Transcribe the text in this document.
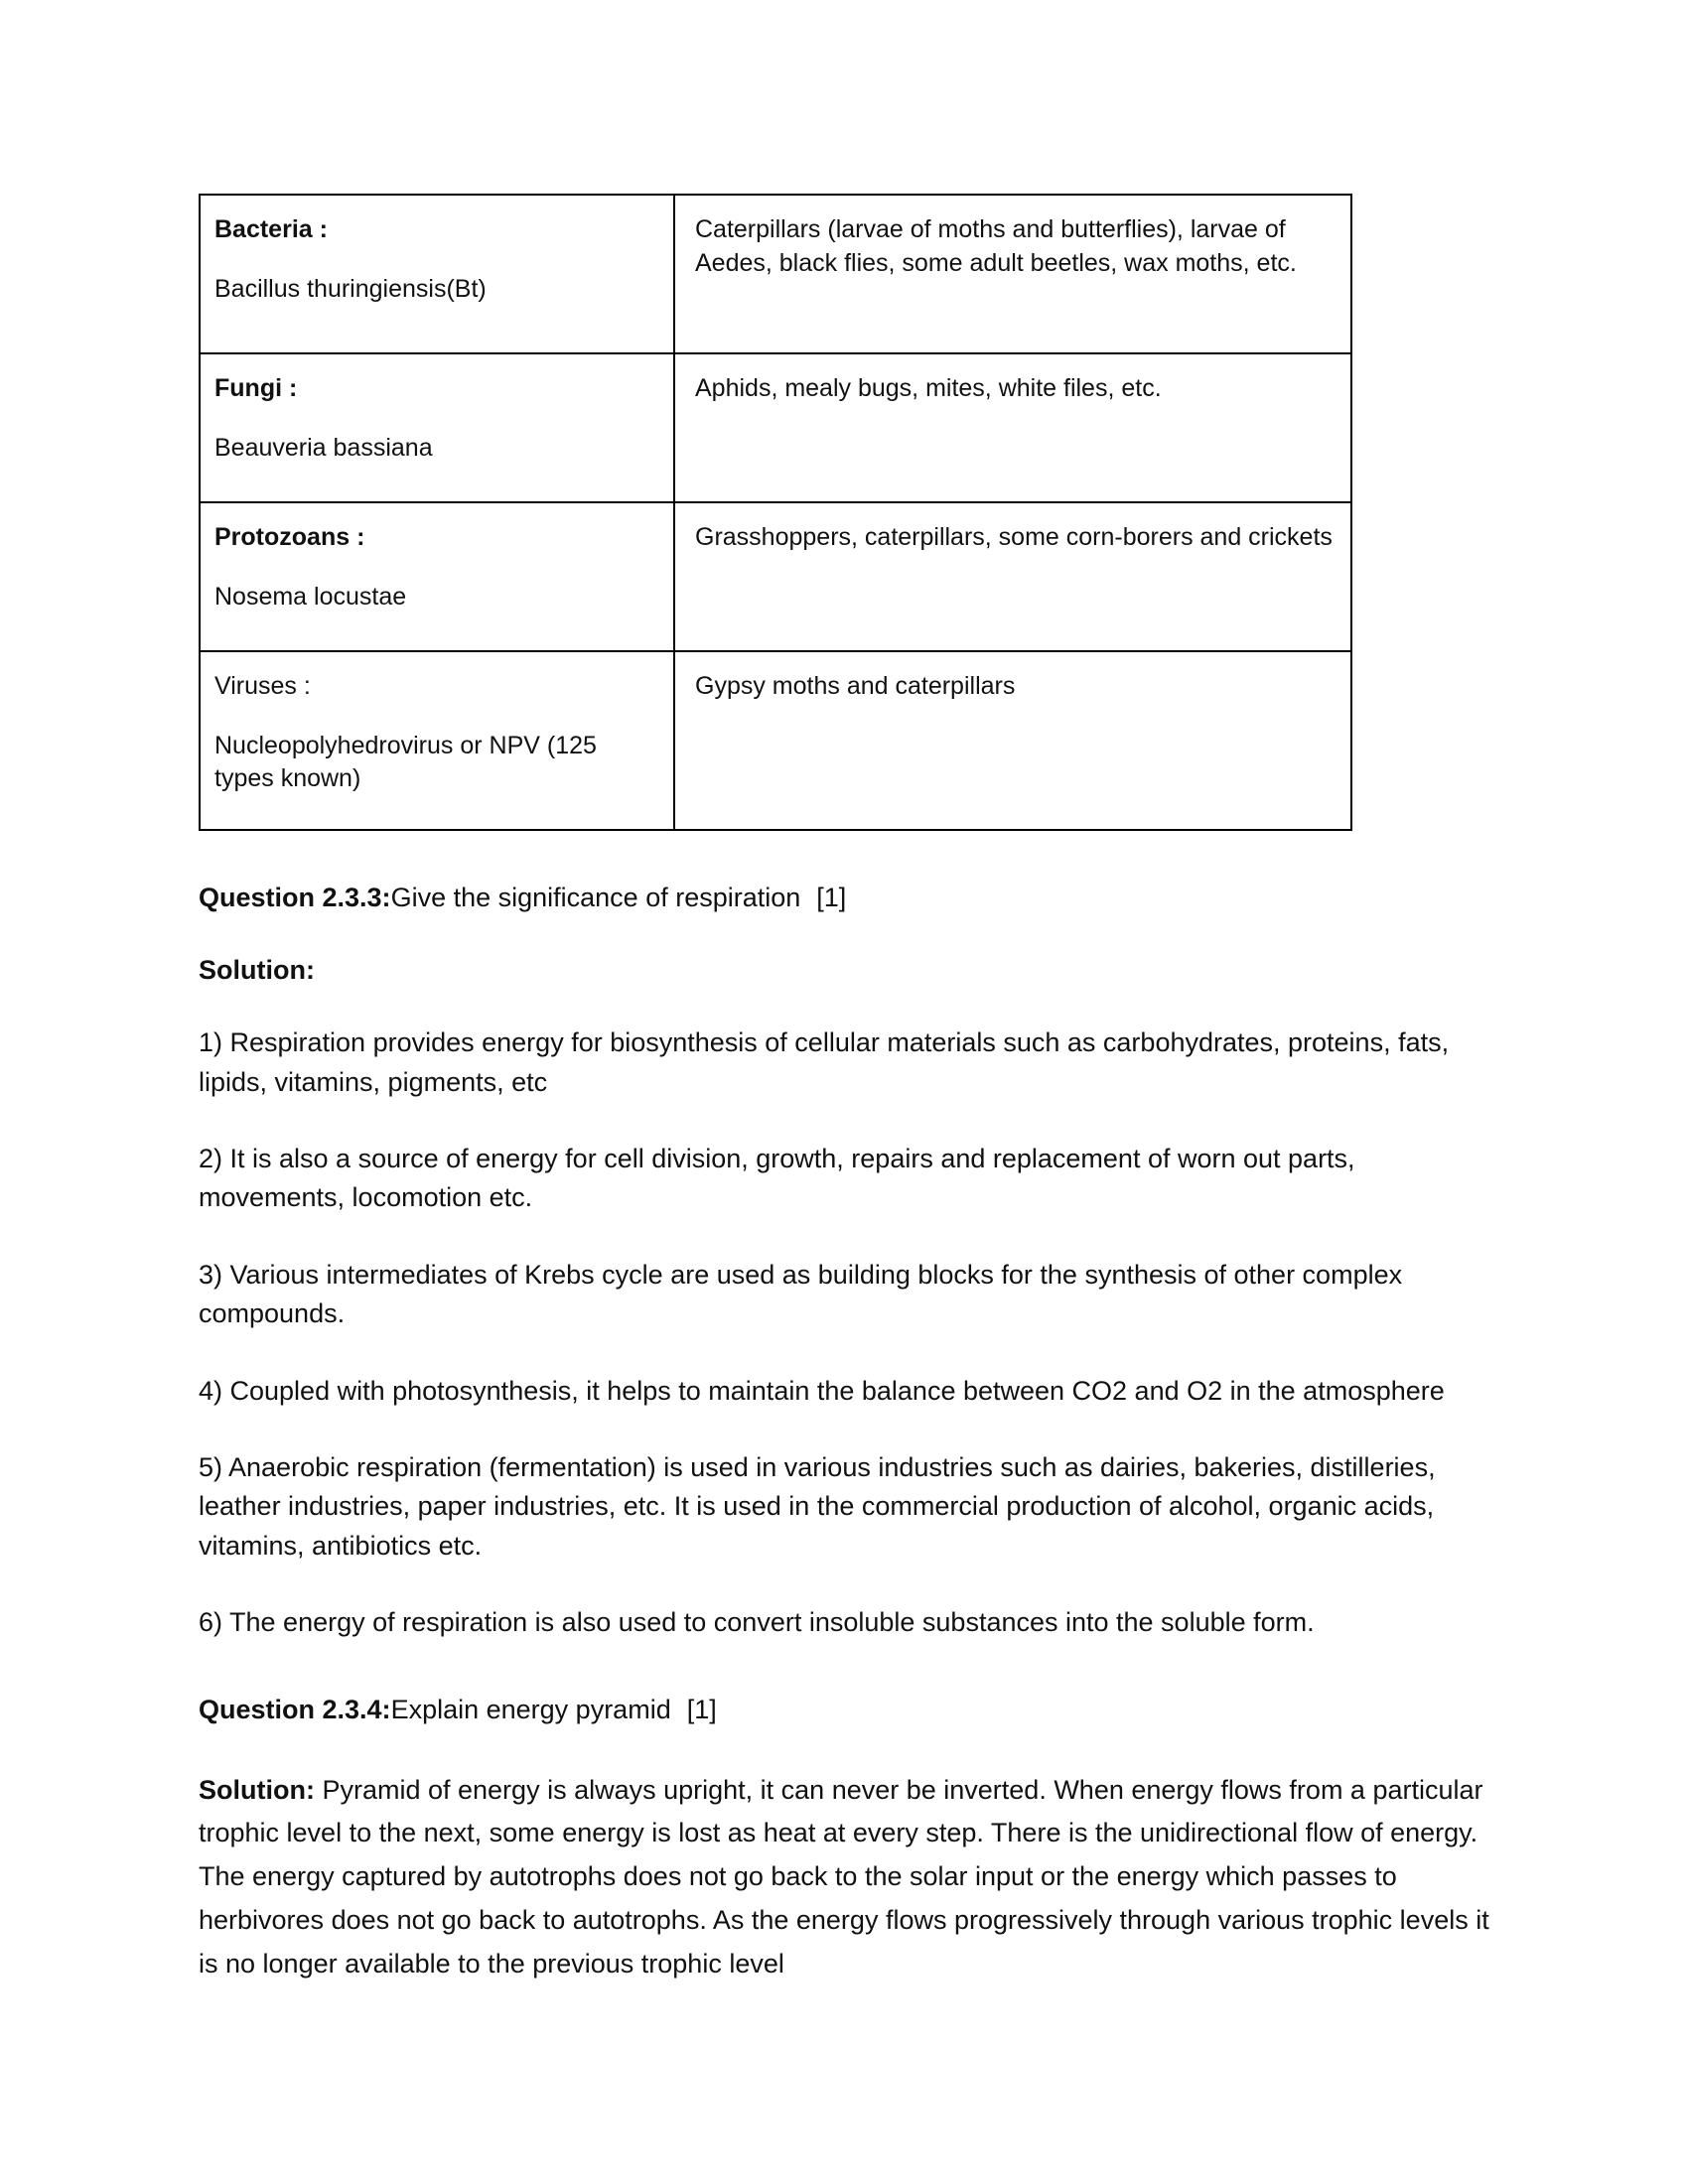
Bacteria :
Bacillus thuringiensis(Bt)	Caterpillars (larvae of moths and butterflies), larvae of Aedes, black flies, some adult beetles, wax moths, etc.

Fungi :
Beauveria bassiana	Aphids, mealy bugs, mites, white files, etc.

Protozoans :
Nosema locustae	Grasshoppers, caterpillars, some corn-borers and crickets

Viruses :
Nucleopolyhedrovirus or NPV (125 types known)	Gypsy moths and caterpillars
Question 2.3.3:Give the significance of respiration [1]
Solution:

1) Respiration provides energy for biosynthesis of cellular materials such as carbohydrates, proteins, fats, lipids, vitamins, pigments, etc

2) It is also a source of energy for cell division, growth, repairs and replacement of worn out parts, movements, locomotion etc.

3) Various intermediates of Krebs cycle are used as building blocks for the synthesis of other complex compounds.

4) Coupled with photosynthesis, it helps to maintain the balance between CO2 and O2 in the atmosphere

5) Anaerobic respiration (fermentation) is used in various industries such as dairies, bakeries, distilleries, leather industries, paper industries, etc. It is used in the commercial production of alcohol, organic acids, vitamins, antibiotics etc.

6) The energy of respiration is also used to convert insoluble substances into the soluble form.

Question 2.3.4:Explain energy pyramid [1]

Solution: Pyramid of energy is always upright, it can never be inverted. When energy flows from a particular trophic level to the next, some energy is lost as heat at every step. There is the unidirectional flow of energy. The energy captured by autotrophs does not go back to the solar input or the energy which passes to herbivores does not go back to autotrophs. As the energy flows progressively through various trophic levels it is no longer available to the previous trophic level
